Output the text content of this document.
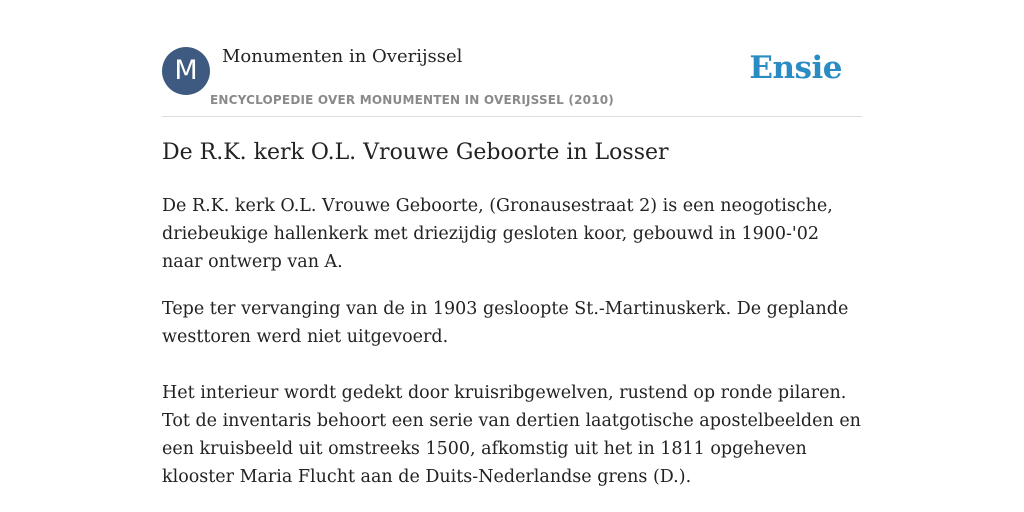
M	Monumenten in Overijssel
ENCYCLOPEDIE OVER MONUMENTEN IN OVERIJSSEL (2010)
Ensie
De R.K. kerk O.L. Vrouwe Geboorte in Losser

De R.K. kerk O.L. Vrouwe Geboorte, (Gronausestraat 2) is een neogotische, driebeukige hallenkerk met driezijdig gesloten koor, gebouwd in 1900-'02 naar ontwerp van A.

Tepe ter vervanging van de in 1903 gesloopte St.-Martinuskerk. De geplande westtoren werd niet uitgevoerd.

Het interieur wordt gedekt door kruisribgewelven, rustend op ronde pilaren. Tot de inventaris behoort een serie van dertien laatgotische apostelbeelden en een kruisbeeld uit omstreeks 1500, afkomstig uit het in 1811 opgeheven klooster Maria Flucht aan de Duits-Nederlandse grens (D.).
